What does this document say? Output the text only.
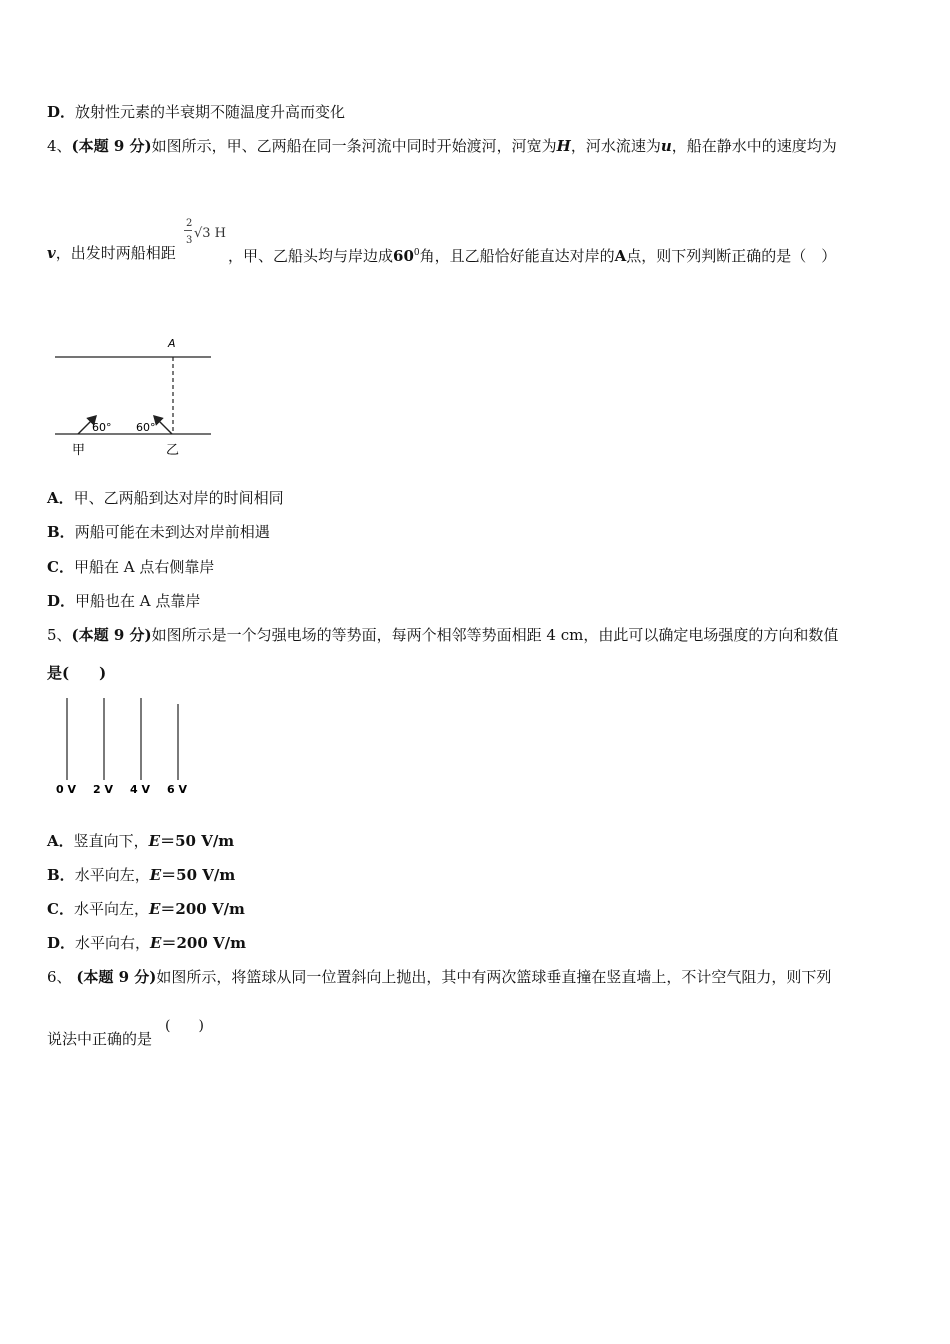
D．放射性元素的半衰期不随温度升高而变化
4、(本题 9 分)如图所示，甲、乙两船在同一条河流中同时开始渡河，河宽为H，河水流速为u，船在静水中的速度均为
2
3 √3 H
v，出发时两船相距	，甲、乙船头均与岸边成$60^0$角，且乙船恰好能直达对岸的A点，则下列判断正确的是（　）
A
60° 60°
甲	乙
A．甲、乙两船到达对岸的时间相同
B．两船可能在未到达对岸前相遇
C．甲船在 A 点右侧靠岸
D．甲船也在 A 点靠岸
5、(本题 9 分)如图所示是一个匀强电场的等势面，每两个相邻等势面相距 4 cm，由此可以确定电场强度的方向和数值
是(　　)
0 V 2 V 4 V 6 V
A．竖直向下，E＝50 V/m
B．水平向左，E＝50 V/m
C．水平向左，E＝200 V/m
D．水平向右，E＝200 V/m
6、 (本题 9 分)如图所示，将篮球从同一位置斜向上抛出，其中有两次篮球垂直撞在竖直墙上，不计空气阻力，则下列
说法中正确的是
(　　)
